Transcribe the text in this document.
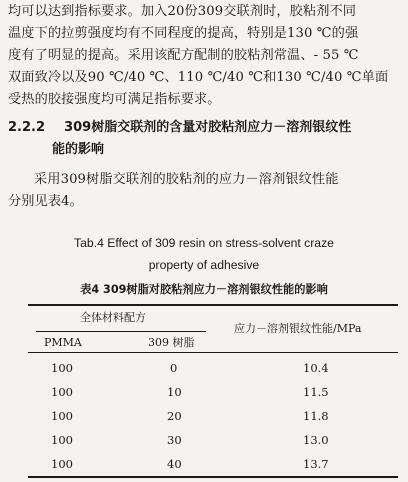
均可以达到指标要求。加入20份309交联剂时，胶粘剂不同
温度下的拉剪强度均有不同程度的提高，特别是130 ℃的强
度有了明显的提高。采用该配方配制的胶粘剂常温、- 55 ℃
双面致冷以及90 ℃/40 ℃、110 ℃/40 ℃和130 ℃/40 ℃单面
受热的胶接强度均可满足指标要求。
2.2.2 309树脂交联剂的含量对胶粘剂应力－溶剂银纹性
能的影响
采用309树脂交联剂的胶粘剂的应力－溶剂银纹性能
分别见表4。
Tab.4 Effect of 309 resin on stress-solvent craze
property of adhesive
表4 309树脂对胶粘剂应力－溶剂银纹性能的影响
全体材料配方
PMMA	309 树脂
应力－溶剂银纹性能/MPa
100	0	10.4
100	10	11.5
100	20	11.8
100	30	13.0
100	40	13.7
